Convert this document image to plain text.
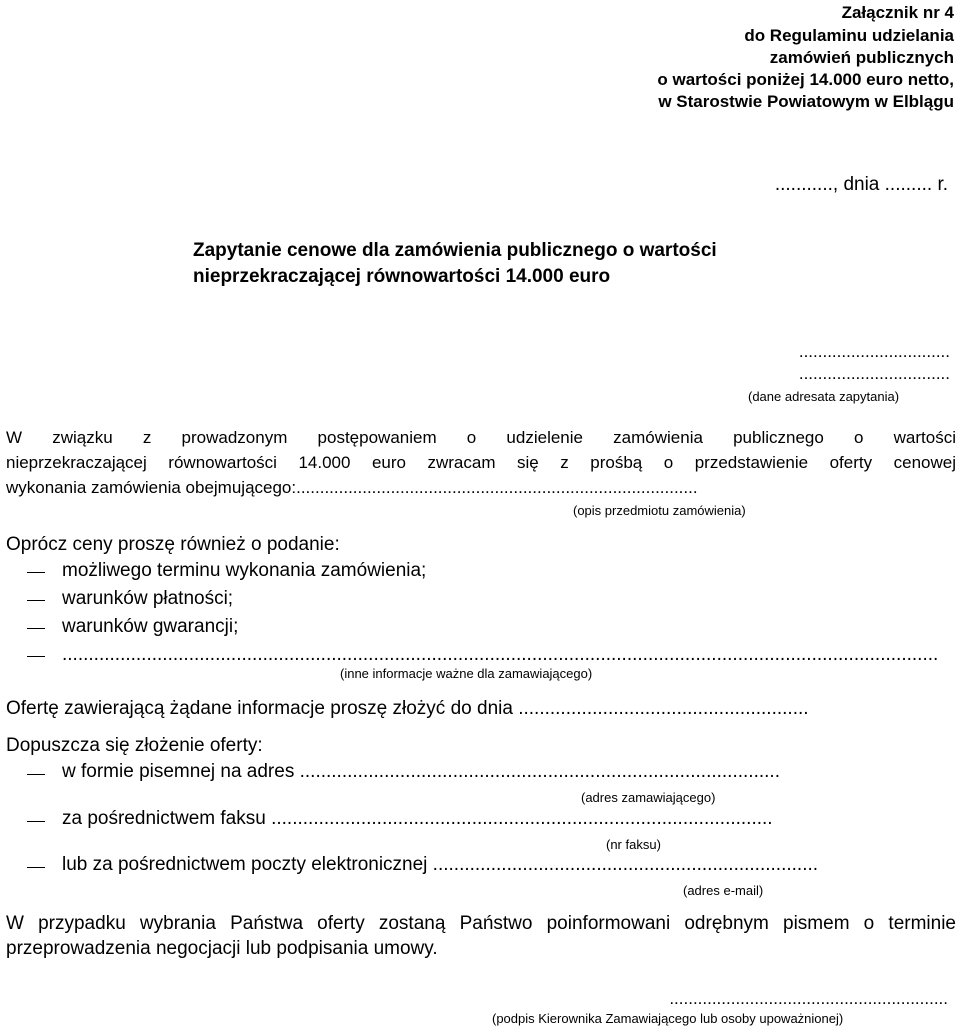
Załącznik nr 4
do Regulaminu udzielania
zamówień publicznych
o wartości poniżej 14.000 euro netto,
w Starostwie Powiatowym w Elblągu
..........., dnia ......... r.
Zapytanie cenowe dla zamówienia publicznego o wartości
nieprzekraczającej równowartości 14.000 euro
................................
................................
(dane adresata zapytania)
W związku z prowadzonym postępowaniem o udzielenie zamówienia publicznego o wartości
nieprzekraczającej równowartości 14.000 euro zwracam się z prośbą o przedstawienie oferty cenowej
wykonania zamówienia obejmującego:.....................................................................................
(opis przedmiotu zamówienia)
Oprócz ceny proszę również o podanie:
możliwego terminu wykonania zamówienia;
warunków płatności;
warunków gwarancji;
......................................................................................................................................................................
(inne informacje ważne dla zamawiającego)
Ofertę zawierającą żądane informacje proszę złożyć do dnia .......................................................
Dopuszcza się złożenie oferty:
w formie pisemnej na adres ...........................................................................................
(adres zamawiającego)
za pośrednictwem faksu ...............................................................................................
(nr faksu)
lub za pośrednictwem poczty elektronicznej .........................................................................
(adres e-mail)
W przypadku wybrania Państwa oferty zostaną Państwo poinformowani odrębnym pismem o terminie
przeprowadzenia negocjacji lub podpisania umowy.
...........................................................
(podpis Kierownika Zamawiającego lub osoby upoważnionej)
